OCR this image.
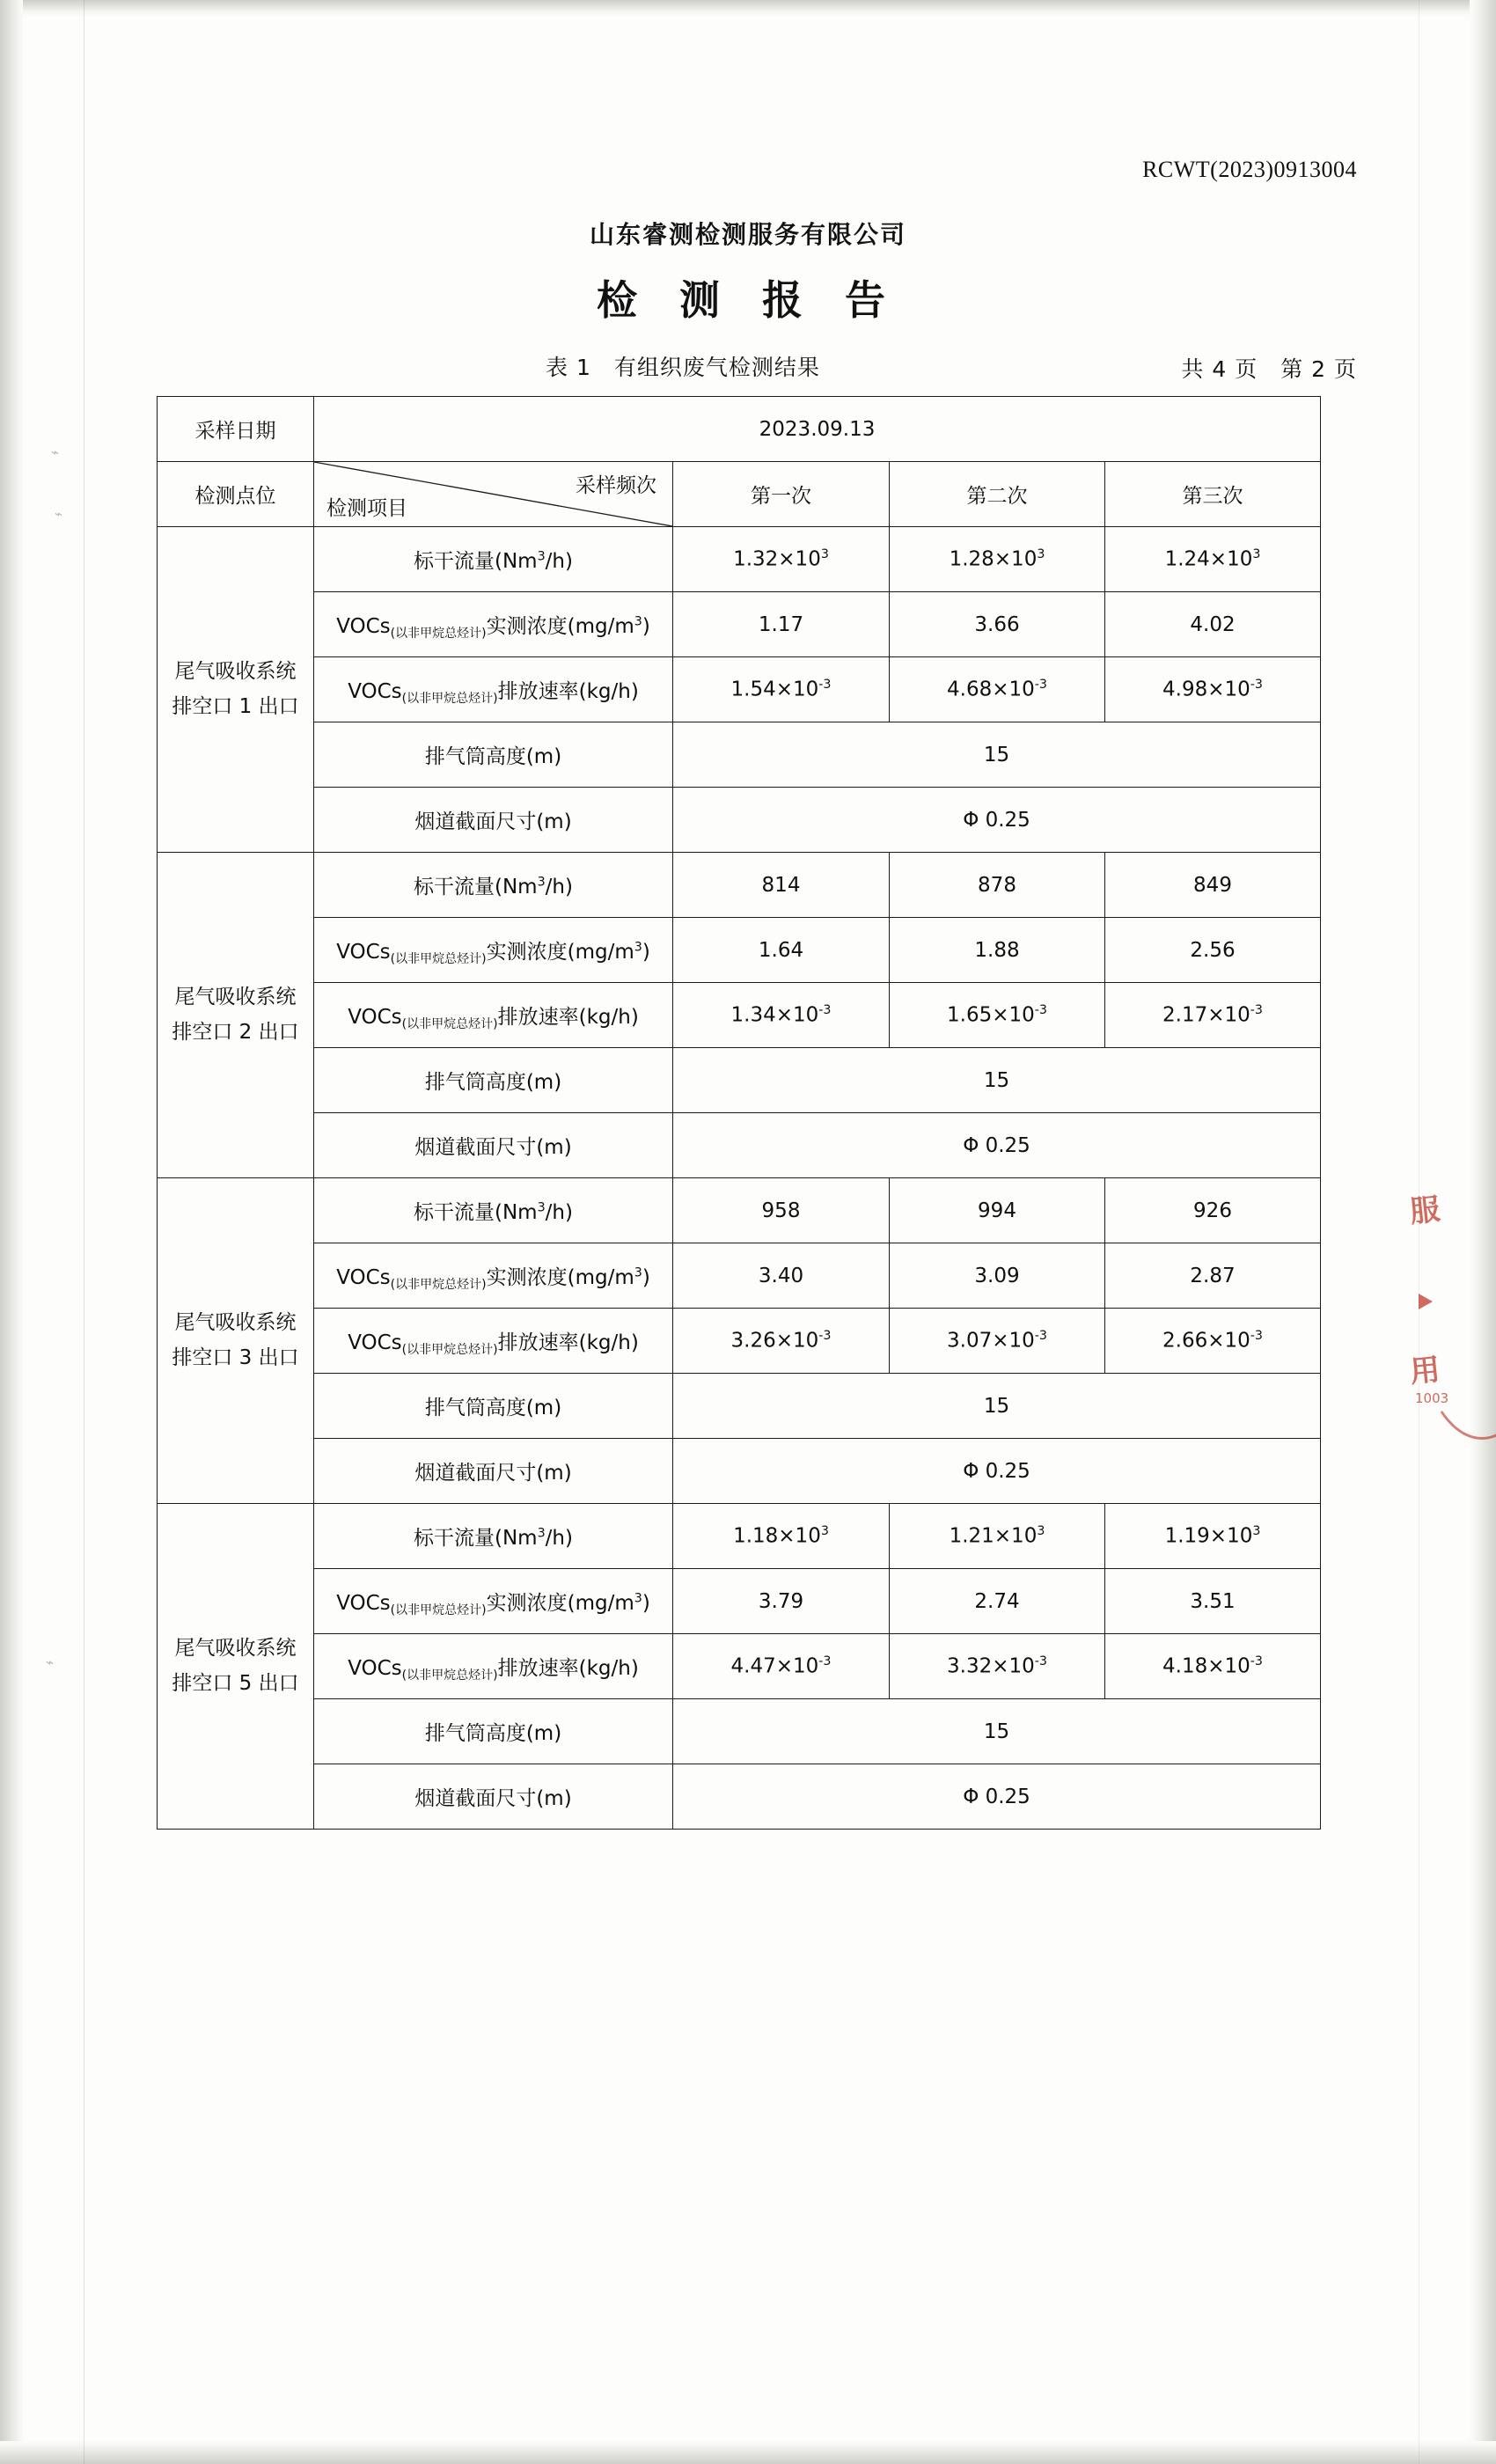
⌁
⌁
⌁
RCWT(2023)0913004
山东睿测检测服务有限公司
检 测 报 告
表 1　有组织废气检测结果	共 4 页　第 2 页
采样日期	2023.09.13			
检测点位	采样频次
检测项目	第一次	第二次	第三次
尾气吸收系统
排空口 1 出口	标干流量(Nm$^3$/h)	$1.32\times 10^3$	$1.28\times 10^3$	$1.24\times 10^3$
	VOCs$_{(以非甲烷总烃计)}$实测浓度$(mg/m^3)$	1.17	3.66	4.02
	VOCs$_{(以非甲烷总烃计)}$排放速率(kg/h)	$1.54\times 10^{-3}$	$4.68\times 10^{-3}$	$4.98\times 10^{-3}$
	排气筒高度(m)	15		
	烟道截面尺寸(m)	Φ 0.25		
尾气吸收系统
排空口 2 出口	标干流量(Nm$^3$/h)	814	878	849
	VOCs$_{(以非甲烷总烃计)}$实测浓度$(mg/m^3)$	1.64	1.88	2.56
	VOCs$_{(以非甲烷总烃计)}$排放速率(kg/h)	$1.34\times 10^{-3}$	$1.65\times 10^{-3}$	$2.17\times 10^{-3}$
	排气筒高度(m)	15		
	烟道截面尺寸(m)	Φ 0.25		
尾气吸收系统
排空口 3 出口	标干流量(Nm$^3$/h)	958	994	926
	VOCs$_{(以非甲烷总烃计)}$实测浓度$(mg/m^3)$	3.40	3.09	2.87
	VOCs$_{(以非甲烷总烃计)}$排放速率(kg/h)	$3.26\times 10^{-3}$	$3.07\times 10^{-3}$	$2.66\times 10^{-3}$
	排气筒高度(m)	15		
	烟道截面尺寸(m)	Φ 0.25		
尾气吸收系统
排空口 5 出口	标干流量(Nm$^3$/h)	$1.18\times 10^3$	$1.21\times 10^3$	$1.19\times 10^3$
	VOCs$_{(以非甲烷总烃计)}$实测浓度$(mg/m^3)$	3.79	2.74	3.51
	VOCs$_{(以非甲烷总烃计)}$排放速率(kg/h)	$4.47\times 10^{-3}$	$3.32\times 10^{-3}$	$4.18\times 10^{-3}$
	排气筒高度(m)	15		
	烟道截面尺寸(m)	Φ 0.25		
服
用
1003
